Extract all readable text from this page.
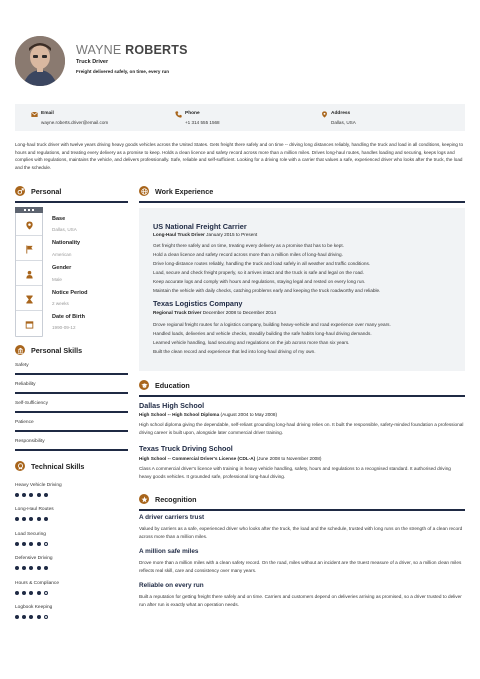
WAYNE ROBERTS
Truck Driver
Freight delivered safely, on time, every run
Email
wayne.roberts.driver@email.com
Phone
+1 314 555 1568
Address
Dallas, USA
Long-haul truck driver with twelve years driving heavy goods vehicles across the United States. Gets freight there safely and on time -- driving long distances reliably, handling the truck and load in all conditions, keeping to hours and regulations, and treating every delivery as a promise to keep. Holds a clean licence and safety record across more than a million miles. Drives long-haul routes, handles loading and securing, keeps logs and complies with regulations, maintains the vehicle, and delivers professionally. Safe, reliable and self-sufficient. Looking for a driving role with a carrier that values a safe, experienced driver who looks after the truck, the load and the schedule.
Personal
Base
Dallas, USA
Nationality
American
Gender
Male
Notice Period
2 weeks
Date of Birth
1990-09-12
Personal Skills
Safety
Reliability
Self-Sufficiency
Patience
Responsibility
Technical Skills
Heavy Vehicle Driving
Long-Haul Routes
Load Securing
Defensive Driving
Hours & Compliance
Logbook Keeping
Work Experience
US National Freight Carrier
Long-Haul Truck Driver January 2015 to Present
Get freight there safely and on time, treating every delivery as a promise that has to be kept.
Hold a clean licence and safety record across more than a million miles of long-haul driving.
Drive long-distance routes reliably, handling the truck and load safely in all weather and traffic conditions.
Load, secure and check freight properly, so it arrives intact and the truck is safe and legal on the road.
Keep accurate logs and comply with hours and regulations, staying legal and rested on every long run.
Maintain the vehicle with daily checks, catching problems early and keeping the truck roadworthy and reliable.
Texas Logistics Company
Regional Truck Driver December 2008 to December 2014
Drove regional freight routes for a logistics company, building heavy-vehicle and road experience over many years.
Handled loads, deliveries and vehicle checks, steadily building the safe habits long-haul driving demands.
Learned vehicle handling, load securing and regulations on the job across more than six years.
Built the clean record and experience that led into long-haul driving of my own.
Education
Dallas High School
High School -- High School Diploma (August 2004 to May 2008)
High school diploma giving the dependable, self-reliant grounding long-haul driving relies on. It built the responsible, safety-minded foundation a professional driving career is built upon, alongside later commercial driver training.
Texas Truck Driving School
High School -- Commercial Driver's License (CDL-A) (June 2008 to November 2008)
Class A commercial driver's licence with training in heavy vehicle handling, safety, hours and regulations to a recognised standard. It authorised driving heavy goods vehicles. It grounded safe, professional long-haul driving.
Recognition
A driver carriers trust
Valued by carriers as a safe, experienced driver who looks after the truck, the load and the schedule, trusted with long runs on the strength of a clean record across more than a million miles.
A million safe miles
Drove more than a million miles with a clean safety record. On the road, miles without an incident are the truest measure of a driver, so a million clean miles reflects real skill, care and consistency over many years.
Reliable on every run
Built a reputation for getting freight there safely and on time. Carriers and customers depend on deliveries arriving as promised, so a driver trusted to deliver run after run is exactly what an operation needs.
